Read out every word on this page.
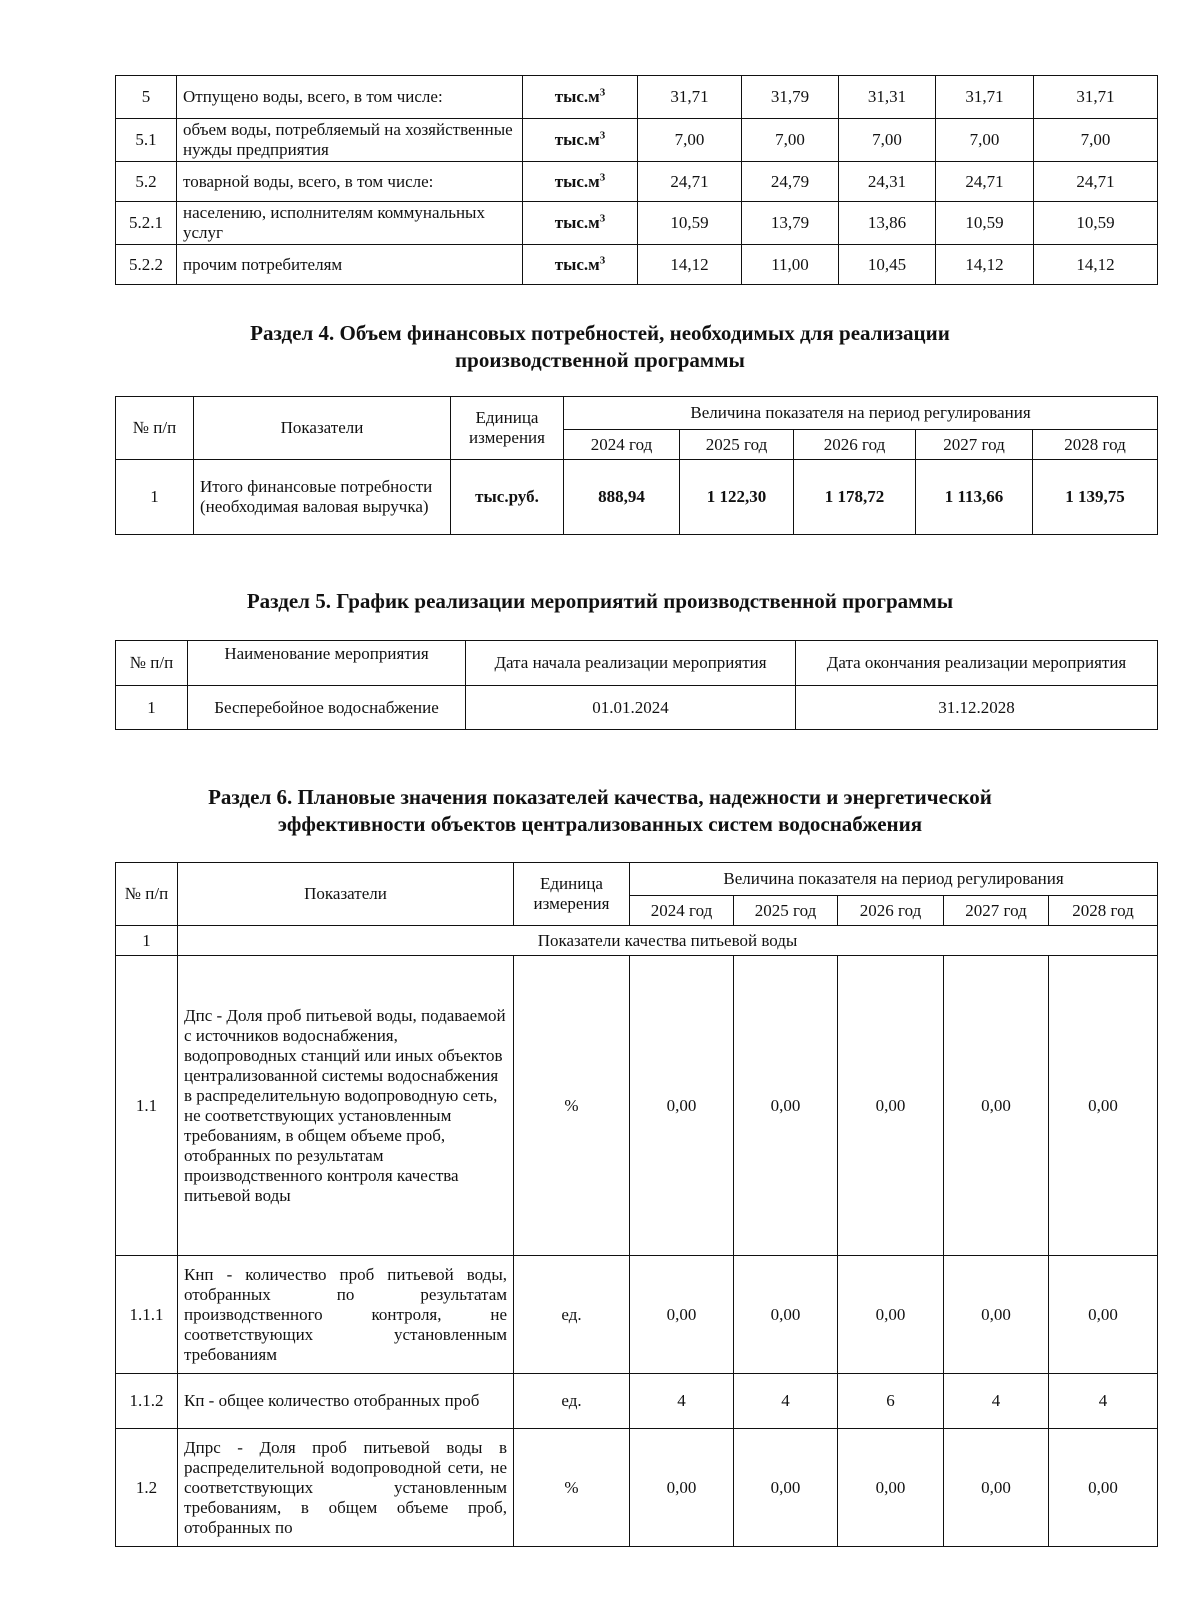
5	Отпущено воды, всего, в том числе:	$тыс.м^3$	31,71	31,79	31,31	31,71	31,71
5.1	объем воды, потребляемый на хозяйственные нужды предприятия	$тыс.м^3$	7,00	7,00	7,00	7,00	7,00
5.2	товарной воды, всего, в том числе:	$тыс.м^3$	24,71	24,79	24,31	24,71	24,71
5.2.1	населению, исполнителям коммунальных услуг	$тыс.м^3$	10,59	13,79	13,86	10,59	10,59
5.2.2	прочим потребителям	$тыс.м^3$	14,12	11,00	10,45	14,12	14,12
Раздел 4. Объем финансовых потребностей, необходимых для реализации
производственной программы
№ п/п	Показатели	Единица измерения	Величина показателя на период регулирования				
			2024 год	2025 год	2026 год	2027 год	2028 год
1	Итого финансовые потребности (необходимая валовая выручка)	тыс.руб.	888,94	1 122,30	1 178,72	1 113,66	1 139,75
Раздел 5. График реализации мероприятий производственной программы
№ п/п	Наименование мероприятия	Дата начала реализации мероприятия	Дата окончания реализации мероприятия
1	Бесперебойное водоснабжение	01.01.2024	31.12.2028
Раздел 6. Плановые значения показателей качества, надежности и энергетической
эффективности объектов централизованных систем водоснабжения
№ п/п	Показатели	Единица измерения	Величина показателя на период регулирования				
			2024 год	2025 год	2026 год	2027 год	2028 год
1	Показатели качества питьевой воды						
1.1	Дпс - Доля проб питьевой воды, подаваемой с источников водоснабжения, водопроводных станций или иных объектов централизованной системы водоснабжения в распределительную водопроводную сеть, не соответствующих установленным требованиям, в общем объеме проб, отобранных по результатам производственного контроля качества питьевой воды	%	0,00	0,00	0,00	0,00	0,00
1.1.1	Кнп - количество проб питьевой воды, отобранных по результатам производственного контроля, не соответствующих установленным требованиям	ед.	0,00	0,00	0,00	0,00	0,00
1.1.2	Кп - общее количество отобранных проб	ед.	4	4	6	4	4
1.2	Дпрс - Доля проб питьевой воды в распределительной водопроводной сети, не соответствующих установленным требованиям, в общем объеме проб, отобранных по	%	0,00	0,00	0,00	0,00	0,00
